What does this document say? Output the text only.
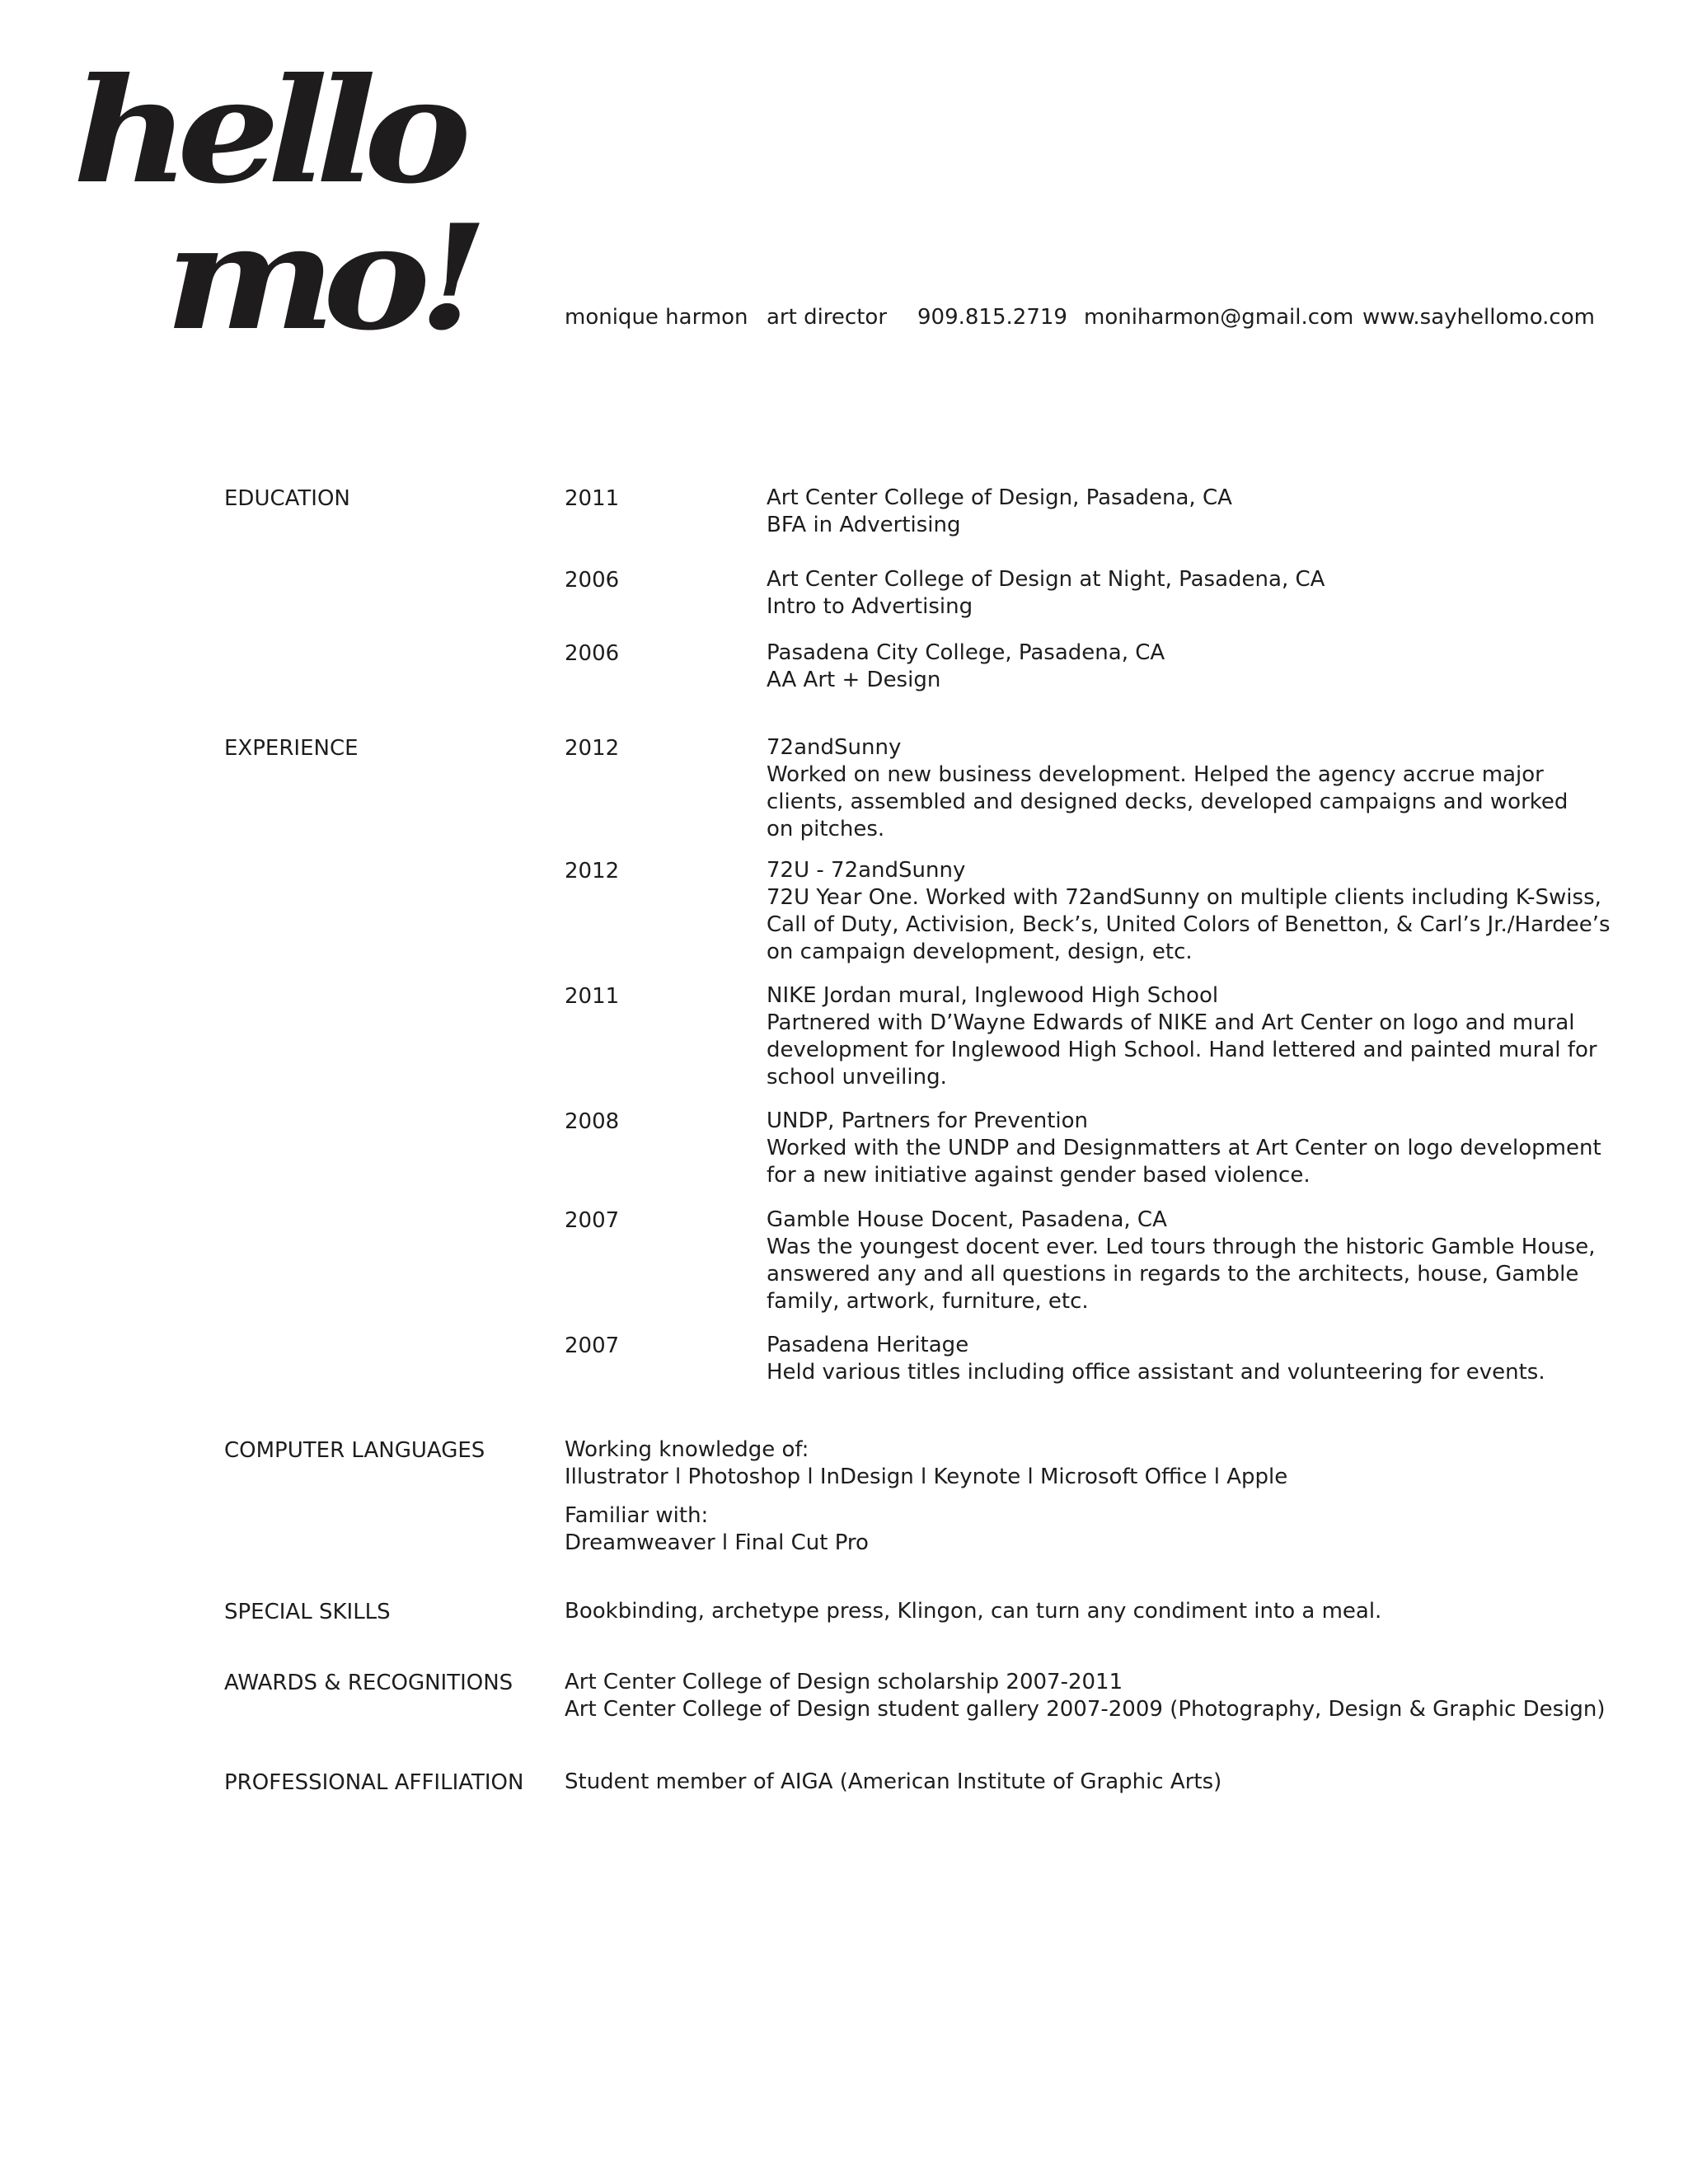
hello
mo!	monique harmon art director 909.815.2719 moniharmon@gmail.com www.sayhellomo.com
EDUCATION	2011	Art Center College of Design, Pasadena, CA
BFA in Advertising
2006	Art Center College of Design at Night, Pasadena, CA
Intro to Advertising
2006	Pasadena City College, Pasadena, CA
AA Art + Design
EXPERIENCE	2012	72andSunny
Worked on new business development. Helped the agency accrue major
clients, assembled and designed decks, developed campaigns and worked
on pitches.
2012	72U - 72andSunny
72U Year One. Worked with 72andSunny on multiple clients including K-Swiss,
Call of Duty, Activision, Beck’s, United Colors of Benetton, & Carl’s Jr./Hardee’s
on campaign development, design, etc.
2011	NIKE Jordan mural, Inglewood High School
Partnered with D’Wayne Edwards of NIKE and Art Center on logo and mural
development for Inglewood High School. Hand lettered and painted mural for
school unveiling.
2008	UNDP, Partners for Prevention
Worked with the UNDP and Designmatters at Art Center on logo development
for a new initiative against gender based violence.
2007	Gamble House Docent, Pasadena, CA
Was the youngest docent ever. Led tours through the historic Gamble House,
answered any and all questions in regards to the architects, house, Gamble
family, artwork, furniture, etc.
2007	Pasadena Heritage
Held various titles including office assistant and volunteering for events.
COMPUTER LANGUAGES	Working knowledge of:
Illustrator l Photoshop l InDesign l Keynote l Microsoft Office l Apple
Familiar with:
Dreamweaver l Final Cut Pro
SPECIAL SKILLS	Bookbinding, archetype press, Klingon, can turn any condiment into a meal.
AWARDS & RECOGNITIONS Art Center College of Design scholarship 2007-2011
Art Center College of Design student gallery 2007-2009 (Photography, Design & Graphic Design)
PROFESSIONAL AFFILIATION Student member of AIGA (American Institute of Graphic Arts)
